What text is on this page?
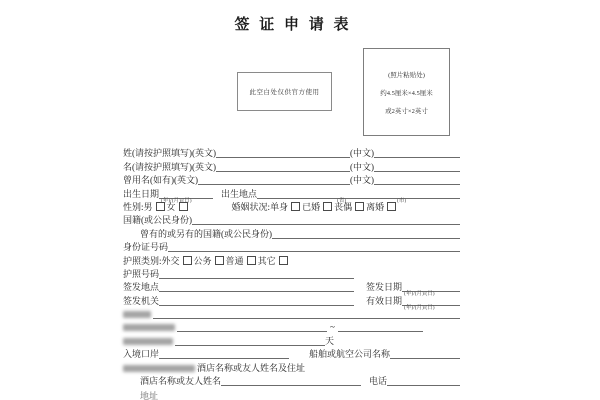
签 证 申 请 表
此空白处仅供官方使用
(照片粘贴处)
约4.5厘米×4.5厘米
或2英寸×2英寸
姓(请按护照填写)(英文)	(中文)
名(请按护照填写)(英文)	(中文)
曾用名(如有)(英文)	(中文)
出生日期
(年)/(月)/(日)
出生地点
(省)	(市)
性别: 男 女	婚姻状况: 单身 已婚 丧偶 离婚
国籍(或公民身份)
曾有的或另有的国籍(或公民身份)
身份证号码
护照类别: 外交 公务 普通 其它
护照号码
签发地点	签发日期
(年)/(月)/(日)
签发机关	有效日期
(年)/(月)/(日)
~
天
入境口岸	船舶或航空公司名称
酒店名称或友人姓名及住址
酒店名称或友人姓名	电话
地址
